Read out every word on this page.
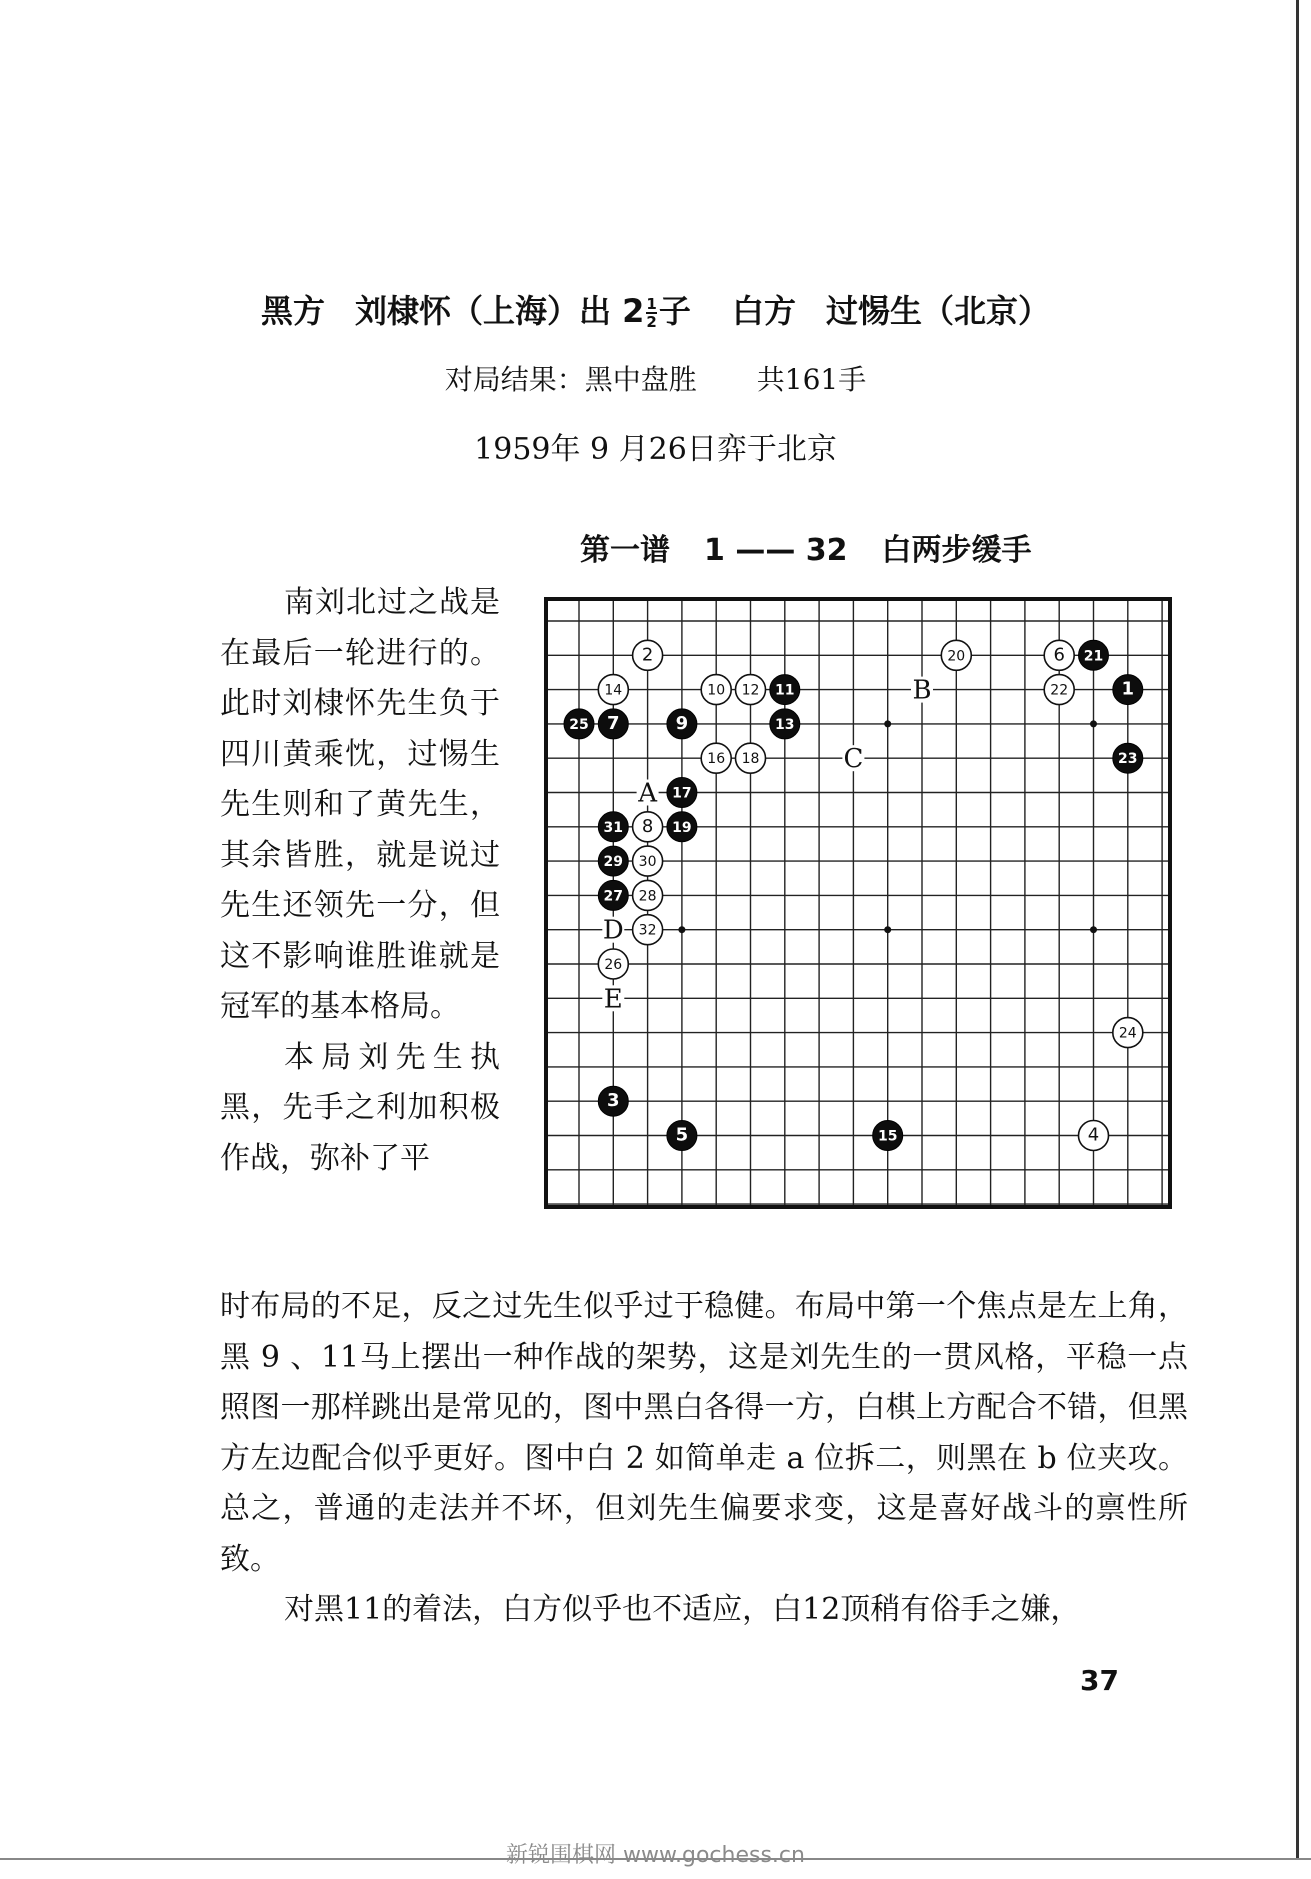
黑方 刘棣怀（上海）出 $2 \frac{1}{2}$ 子 白方 过惕生（北京）
对局结果：黑中盘胜 共161手
1959年 9 月26日弈于北京
第一谱 1 —— 32 白两步缓手

南刘北过之战是在最后一轮进行的。此时刘棣怀先生负于四川黄乘忱，过惕生先生则和了黄先生，其余皆胜，就是说过先生还领先一分，但这不影响谁胜谁就是冠军的基本格局。

本局刘先生执黑，先手之利加积极作战，弥补了平

2
4
6
8
10 12
14
16 18
20
22
24
26
28
30
32
1
3
5
7	9
11
13
15
17
19
21
23
25
27
29
31
A
B
C
D
E

时布局的不足，反之过先生似乎过于稳健。布局中第一个焦点是左上角，黑 9 、11马上摆出一种作战的架势，这是刘先生的一贯风格，平稳一点照图一那样跳出是常见的，图中黑白各得一方，白棋上方配合不错，但黑方左边配合似乎更好。图中白 2 如简单走 a 位拆二，则黑在 b 位夹攻。总之，普通的走法并不坏，但刘先生偏要求变，这是喜好战斗的禀性所致。

对黑11的着法，白方似乎也不适应，白12顶稍有俗手之嫌，

37
新锐围棋网 www.gochess.cn
